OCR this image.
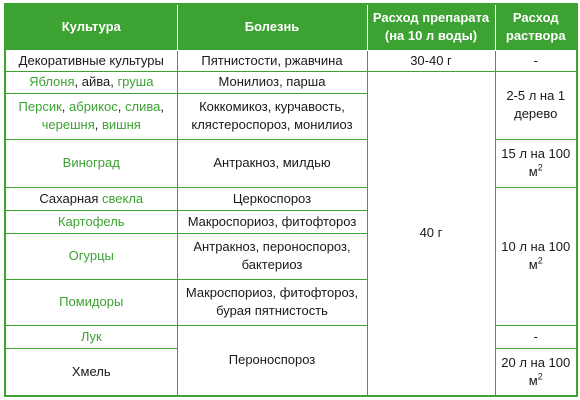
Культура	Болезнь	Расход препарата (на 10 л воды)	Расход раствора
Декоративные культуры	Пятнистости, ржавчина	30-40 г	-
Яблоня, айва, груша	Монилиоз, парша	40 г	2-5 л на 1 дерево
Персик, абрикос, слива, черешня, вишня	Коккомикоз, курчавость, клястероспороз, монилиоз		
Виноград	Антракноз, милдью		15 л на 100 $м^2$
Сахарная свекла	Церкоспороз		10 л на 100 $м^2$
Картофель	Макроспориоз, фитофтороз		
Огурцы	Антракноз, пероноспороз, бактериоз		
Помидоры	Макроспориоз, фитофтороз, бурая пятнистость		
Лук	Пероноспороз		-
Хмель			20 л на 100 $м^2$
